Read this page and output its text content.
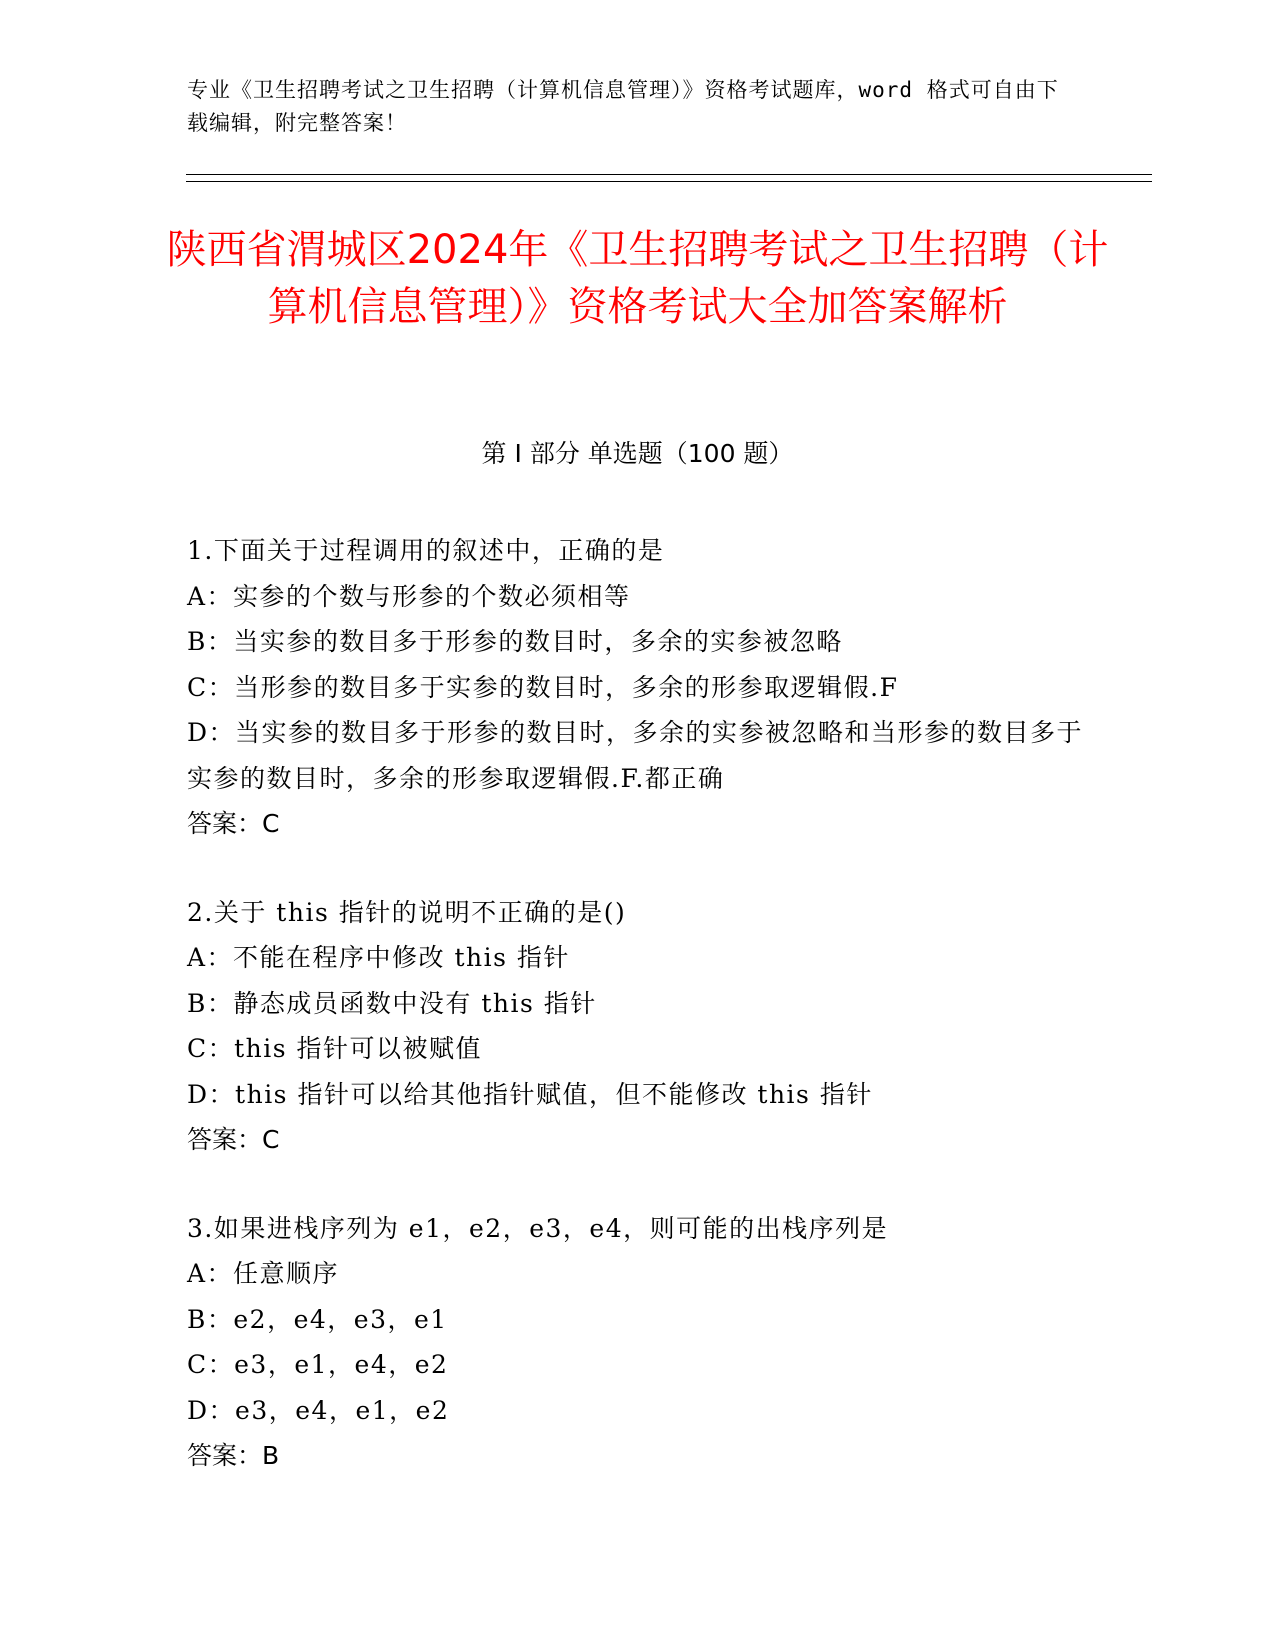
专业《卫生招聘考试之卫生招聘（计算机信息管理）》资格考试题库，word 格式可自由下载编辑，附完整答案！
陕西省渭城区2024年《卫生招聘考试之卫生招聘（计算机信息管理）》资格考试大全加答案解析
第 I 部分 单选题（100 题）
1.下面关于过程调用的叙述中，正确的是
A：实参的个数与形参的个数必须相等
B：当实参的数目多于形参的数目时，多余的实参被忽略
C：当形参的数目多于实参的数目时，多余的形参取逻辑假.F
D：当实参的数目多于形参的数目时，多余的实参被忽略和当形参的数目多于实参的数目时，多余的形参取逻辑假.F.都正确
答案：C
2.关于 this 指针的说明不正确的是()
A：不能在程序中修改 this 指针
B：静态成员函数中没有 this 指针
C：this 指针可以被赋值
D：this 指针可以给其他指针赋值，但不能修改 this 指针
答案：C
3.如果进栈序列为 e1，e2，e3，e4，则可能的出栈序列是
A：任意顺序
B：e2，e4，e3，e1
C：e3，e1，e4，e2
D：e3，e4，e1，e2
答案：B
